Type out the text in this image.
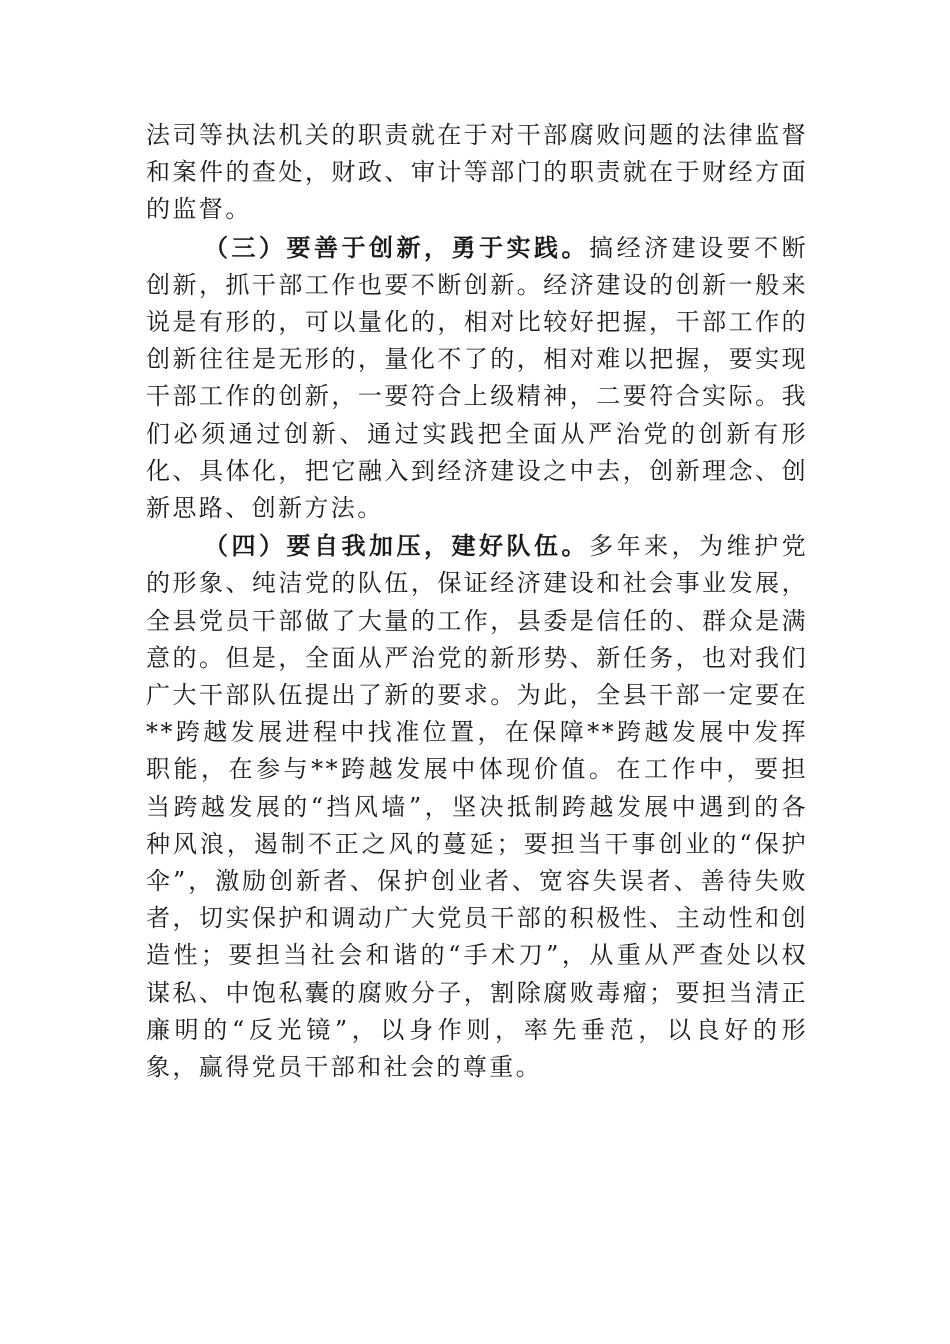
法司等执法机关的职责就在于对干部腐败问题的法律监督和案件的查处，财政、审计等部门的职责就在于财经方面的监督。

（三）要善于创新，勇于实践。搞经济建设要不断创新，抓干部工作也要不断创新。经济建设的创新一般来说是有形的，可以量化的，相对比较好把握，干部工作的创新往往是无形的，量化不了的，相对难以把握，要实现干部工作的创新，一要符合上级精神，二要符合实际。我们必须通过创新、通过实践把全面从严治党的创新有形化、具体化，把它融入到经济建设之中去，创新理念、创新思路、创新方法。

（四）要自我加压，建好队伍。多年来，为维护党的形象、纯洁党的队伍，保证经济建设和社会事业发展，全县党员干部做了大量的工作，县委是信任的、群众是满意的。但是，全面从严治党的新形势、新任务，也对我们广大干部队伍提出了新的要求。为此，全县干部一定要在**跨越发展进程中找准位置，在保障**跨越发展中发挥职能，在参与**跨越发展中体现价值。在工作中，要担当跨越发展的“挡风墙”，坚决抵制跨越发展中遇到的各种风浪，遏制不正之风的蔓延；要担当干事创业的“保护伞”，激励创新者、保护创业者、宽容失误者、善待失败者，切实保护和调动广大党员干部的积极性、主动性和创造性；要担当社会和谐的“手术刀”，从重从严查处以权谋私、中饱私囊的腐败分子，割除腐败毒瘤；要担当清正廉明的“反光镜”，以身作则，率先垂范，以良好的形象，赢得党员干部和社会的尊重。
